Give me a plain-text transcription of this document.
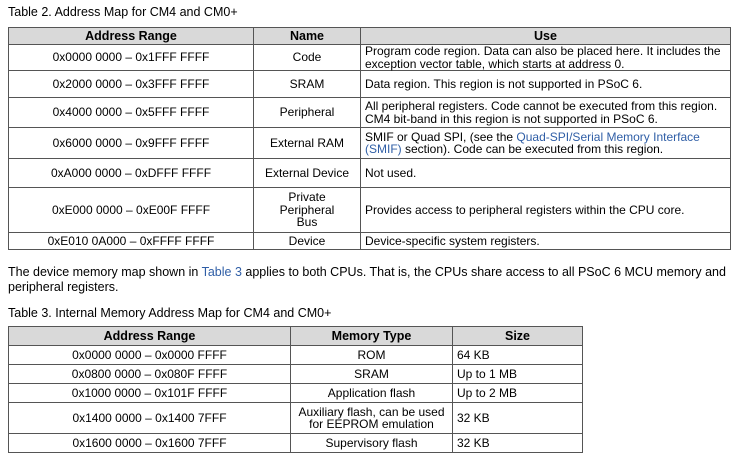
Table 2. Address Map for CM4 and CM0+
Address Range	Name	Use
0x0000 0000 – 0x1FFF FFFF	Code	Program code region. Data can also be placed here. It includes the exception vector table, which starts at address 0.
0x2000 0000 – 0x3FFF FFFF	SRAM	Data region. This region is not supported in PSoC 6.
0x4000 0000 – 0x5FFF FFFF	Peripheral	All peripheral registers. Code cannot be executed from this region. CM4 bit-band in this region is not supported in PSoC 6.
0x6000 0000 – 0x9FFF FFFF	External RAM	SMIF or Quad SPI, (see the Quad-SPI/Serial Memory Interface (SMIF) section). Code can be executed from this region.
0xA000 0000 – 0xDFFF FFFF	External Device	Not used.
0xE000 0000 – 0xE00F FFFF	Private Peripheral Bus	Provides access to peripheral registers within the CPU core.
0xE010 0A000 – 0xFFFF FFFF	Device	Device-specific system registers.
The device memory map shown in Table 3 applies to both CPUs. That is, the CPUs share access to all PSoC 6 MCU memory and peripheral registers.
Table 3. Internal Memory Address Map for CM4 and CM0+
Address Range	Memory Type	Size
0x0000 0000 – 0x0000 FFFF	ROM	64 KB
0x0800 0000 – 0x080F FFFF	SRAM	Up to 1 MB
0x1000 0000 – 0x101F FFFF	Application flash	Up to 2 MB
0x1400 0000 – 0x1400 7FFF	Auxiliary flash, can be used for EEPROM emulation	32 KB
0x1600 0000 – 0x1600 7FFF	Supervisory flash	32 KB
